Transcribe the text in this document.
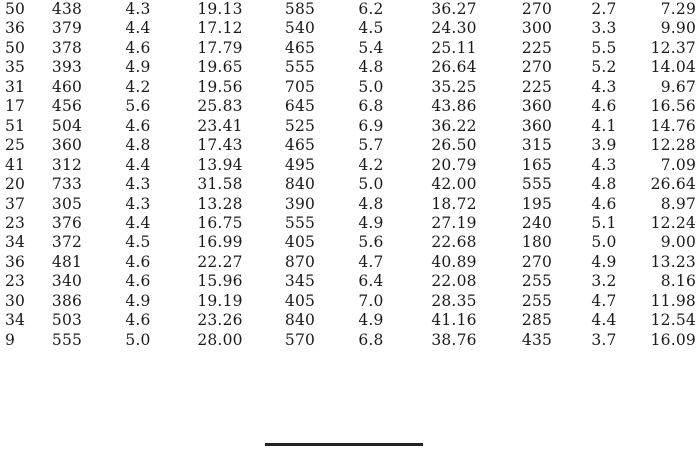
50	438	4.3	19.13	585	6.2	36.27	270	2.7	7.29
36	379	4.4	17.12	540	4.5	24.30	300	3.3	9.90
50	378	4.6	17.79	465	5.4	25.11	225	5.5	12.37
35	393	4.9	19.65	555	4.8	26.64	270	5.2	14.04
31	460	4.2	19.56	705	5.0	35.25	225	4.3	9.67
17	456	5.6	25.83	645	6.8	43.86	360	4.6	16.56
51	504	4.6	23.41	525	6.9	36.22	360	4.1	14.76
25	360	4.8	17.43	465	5.7	26.50	315	3.9	12.28
41	312	4.4	13.94	495	4.2	20.79	165	4.3	7.09
20	733	4.3	31.58	840	5.0	42.00	555	4.8	26.64
37	305	4.3	13.28	390	4.8	18.72	195	4.6	8.97
23	376	4.4	16.75	555	4.9	27.19	240	5.1	12.24
34	372	4.5	16.99	405	5.6	22.68	180	5.0	9.00
36	481	4.6	22.27	870	4.7	40.89	270	4.9	13.23
23	340	4.6	15.96	345	6.4	22.08	255	3.2	8.16
30	386	4.9	19.19	405	7.0	28.35	255	4.7	11.98
34	503	4.6	23.26	840	4.9	41.16	285	4.4	12.54
9	555	5.0	28.00	570	6.8	38.76	435	3.7	16.09
